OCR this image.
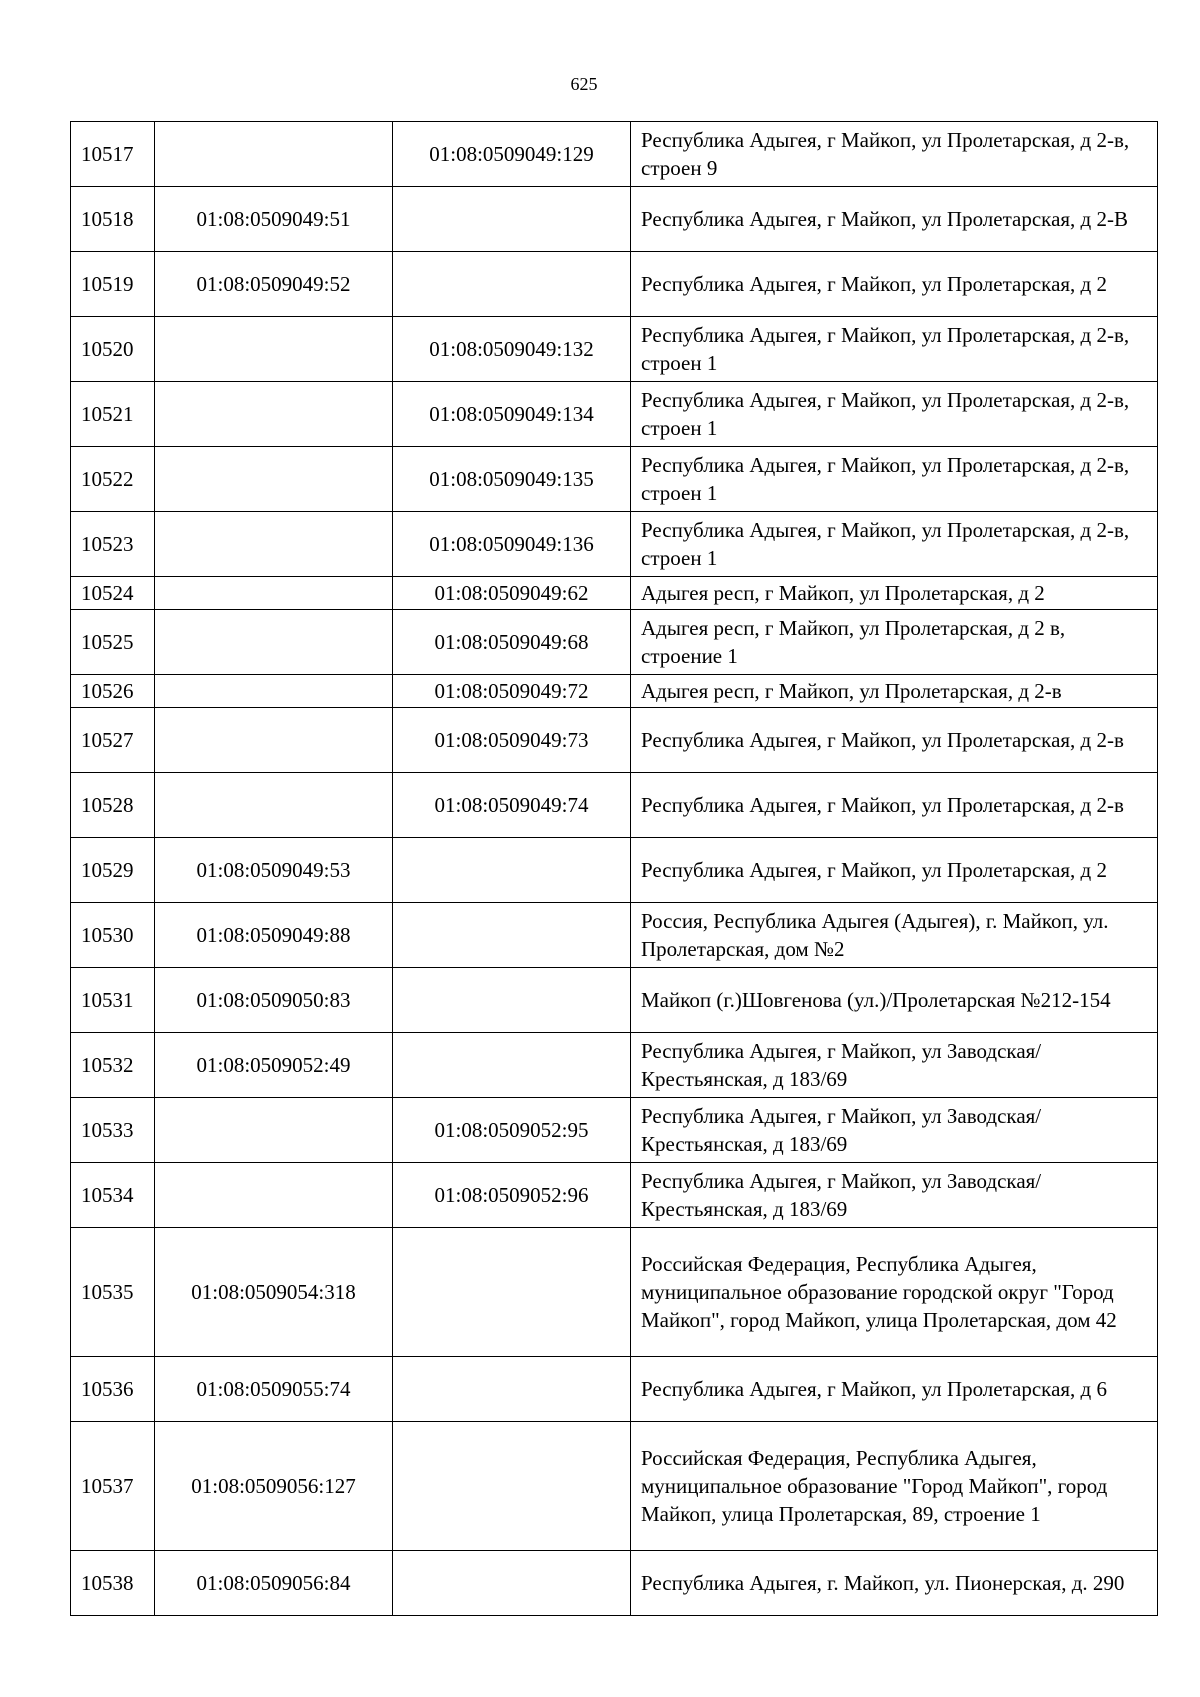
625
10517		01:08:0509049:129	Республика Адыгея, г Майкоп, ул Пролетарская, д 2-в, строен 9
10518	01:08:0509049:51		Республика Адыгея, г Майкоп, ул Пролетарская, д 2-В
10519	01:08:0509049:52		Республика Адыгея, г Майкоп, ул Пролетарская, д 2
10520		01:08:0509049:132	Республика Адыгея, г Майкоп, ул Пролетарская, д 2-в, строен 1
10521		01:08:0509049:134	Республика Адыгея, г Майкоп, ул Пролетарская, д 2-в, строен 1
10522		01:08:0509049:135	Республика Адыгея, г Майкоп, ул Пролетарская, д 2-в, строен 1
10523		01:08:0509049:136	Республика Адыгея, г Майкоп, ул Пролетарская, д 2-в, строен 1
10524		01:08:0509049:62	Адыгея респ, г Майкоп, ул Пролетарская, д 2
10525		01:08:0509049:68	Адыгея респ, г Майкоп, ул Пролетарская, д 2 в, строение 1
10526		01:08:0509049:72	Адыгея респ, г Майкоп, ул Пролетарская, д 2-в
10527		01:08:0509049:73	Республика Адыгея, г Майкоп, ул Пролетарская, д 2-в
10528		01:08:0509049:74	Республика Адыгея, г Майкоп, ул Пролетарская, д 2-в
10529	01:08:0509049:53		Республика Адыгея, г Майкоп, ул Пролетарская, д 2
10530	01:08:0509049:88		Россия, Республика Адыгея (Адыгея), г. Майкоп, ул. Пролетарская, дом №2
10531	01:08:0509050:83		Майкоп (г.)Шовгенова (ул.)/Пролетарская №212-154
10532	01:08:0509052:49		Республика Адыгея, г Майкоп, ул Заводская/Крестьянская, д 183/69
10533		01:08:0509052:95	Республика Адыгея, г Майкоп, ул Заводская/Крестьянская, д 183/69
10534		01:08:0509052:96	Республика Адыгея, г Майкоп, ул Заводская/Крестьянская, д 183/69
10535	01:08:0509054:318		Российская Федерация, Республика Адыгея, муниципальное образование городской округ "Город Майкоп", город Майкоп, улица Пролетарская, дом 42
10536	01:08:0509055:74		Республика Адыгея, г Майкоп, ул Пролетарская, д 6
10537	01:08:0509056:127		Российская Федерация, Республика Адыгея, муниципальное образование "Город Майкоп", город Майкоп, улица Пролетарская, 89, строение 1
10538	01:08:0509056:84		Республика Адыгея, г. Майкоп, ул. Пионерская, д. 290
